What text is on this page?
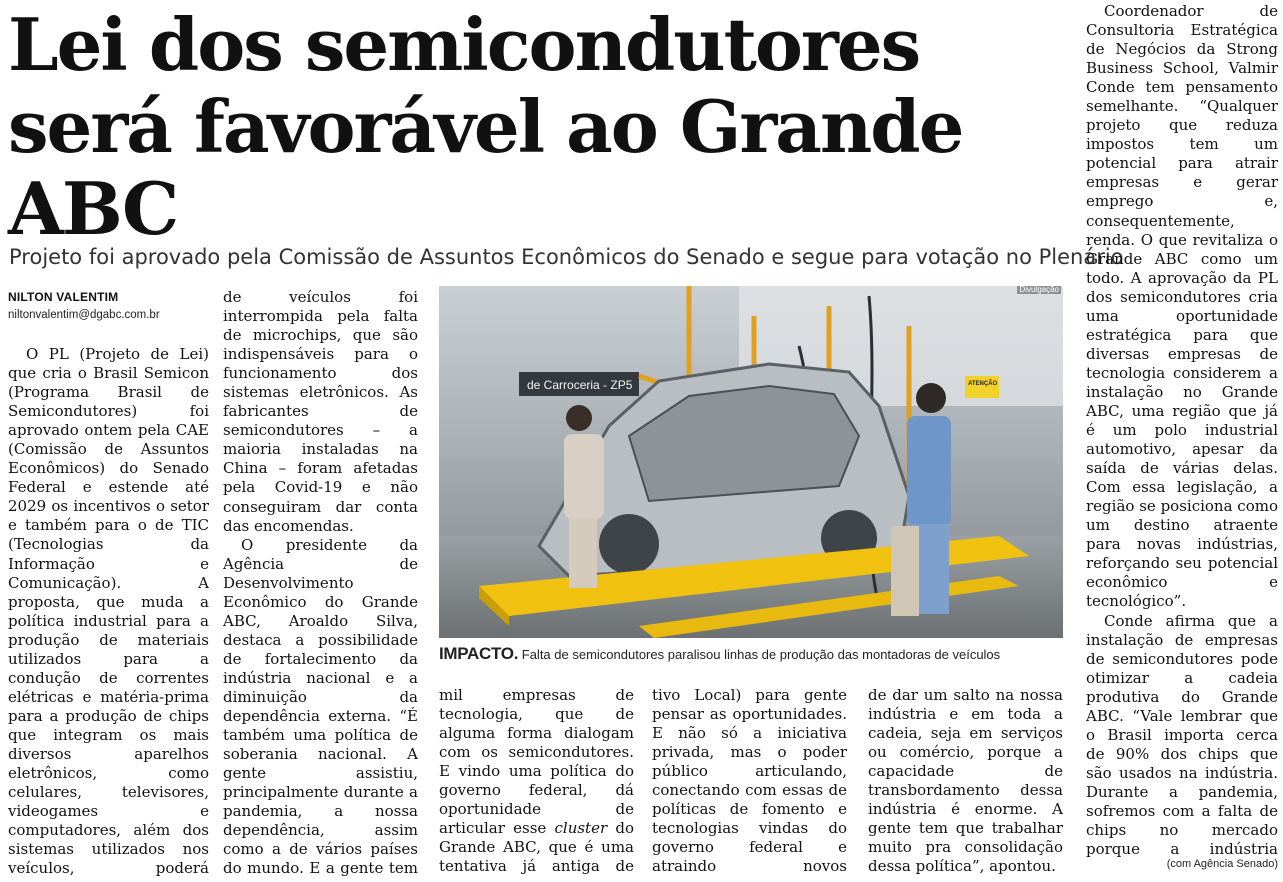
Lei dos semicondutores será favorável ao Grande ABC
Projeto foi aprovado pela Comissão de Assuntos Econômicos do Senado e segue para votação no Plenário
NILTON VALENTIM
niltonvalentim@dgabc.com.br

O PL (Projeto de Lei) que cria o Brasil Semicon (Programa Brasil de Semicondutores) foi aprovado ontem pela CAE (Comissão de Assuntos Econômicos) do Senado Federal e estende até 2029 os incentivos o setor e também para o de TIC (Tecnologias da Informação e Comunicação). A proposta, que muda a política industrial para a produção de materiais utilizados para a condução de correntes elétricas e matéria-prima para a produção de chips que integram os mais diversos aparelhos eletrônicos, como celulares, televisores, videogames e computadores, além dos sistemas utilizados nos veículos, poderá

de veículos foi interrompida pela falta de microchips, que são indispensáveis para o funcionamento dos sistemas eletrônicos. As fabricantes de semicondutores – a maioria instaladas na China – foram afetadas pela Covid-19 e não conseguiram dar conta das encomendas.

O presidente da Agência de Desenvolvimento Econômico do Grande ABC, Aroaldo Silva, destaca a possibilidade de fortalecimento da indústria nacional e a diminuição da dependência externa. “É também uma política de soberania nacional. A gente assistiu, principalmente durante a pandemia, a nossa dependência, assim como a de vários países do mundo. E a gente tem

de Carroceria - ZP5	ATENÇÃO
Divulgação
IMPACTO. Falta de semicondutores paralisou linhas de produção das montadoras de veículos

mil empresas de tecnologia, que de alguma forma dialogam com os semicondutores. E vindo uma política do governo federal, dá oportunidade de articular esse cluster do Grande ABC, que é uma tentativa já antiga de

tivo Local) para gente pensar as oportunidades. E não só a iniciativa privada, mas o poder público articulando, conectando com essas de políticas de fomento e tecnologias vindas do governo federal e atraindo novos

de dar um salto na nossa indústria e em toda a cadeia, seja em serviços ou comércio, porque a capacidade de transbordamento dessa indústria é enorme. A gente tem que trabalhar muito pra consolidação dessa política”, apontou.

Coordenador de Consultoria Estratégica de Negócios da Strong Business School, Valmir Conde tem pensamento semelhante. “Qualquer projeto que reduza impostos tem um potencial para atrair empresas e gerar emprego e, consequentemente, renda. O que revitaliza o Grande ABC como um todo. A aprovação da PL dos semicondutores cria uma oportunidade estratégica para que diversas empresas de tecnologia considerem a instalação no Grande ABC, uma região que já é um polo industrial automotivo, apesar da saída de várias delas. Com essa legislação, a região se posiciona como um destino atraente para novas indústrias, reforçando seu potencial econômico e tecnológico”.

Conde afirma que a instalação de empresas de semicondutores pode otimizar a cadeia produtiva do Grande ABC. “Vale lembrar que o Brasil importa cerca de 90% dos chips que são usados na indústria. Durante a pandemia, sofremos com a falta de chips no mercado porque a indústria

(com Agência Senado)
